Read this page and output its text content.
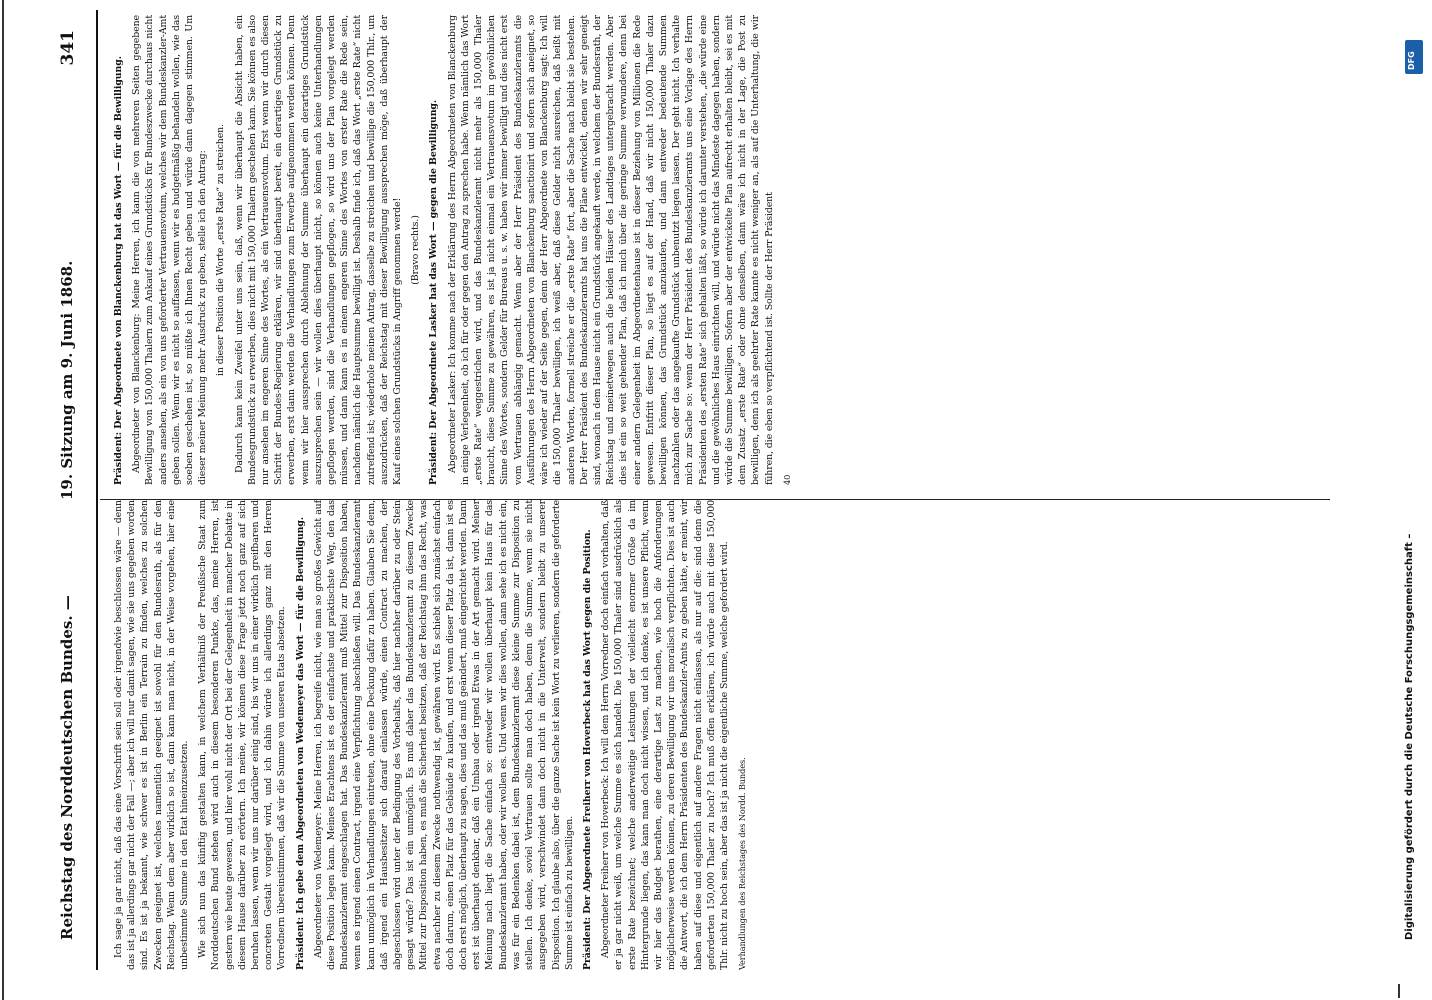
Reichstag des Norddeutschen Bundes. —
19. Sitzung am 9. Juni 1868.
341

Ich sage ja gar nicht, daß das eine Vorschrift sein soll oder irgendwie beschlossen wäre — denn das ist ja allerdings gar nicht der Fall —; aber ich will nur damit sagen, wie sie uns gegeben worden sind. Es ist ja bekannt, wie schwer es ist in Berlin ein Terrain zu finden, welches zu solchen Zwecken geeignet ist, welches namentlich geeignet ist sowohl für den Bundesrath, als für den Reichstag. Wenn dem aber wirklich so ist, dann kann man nicht, in der Weise vorgehen, hier eine unbestimmte Summe in den Etat hineinzusetzen. Wie sich nun das künftig gestalten kann, in welchem Verhältniß der Preußische Staat zum Norddeutschen Bund stehen wird auch in diesem besonderen Punkte, das, meine Herren, ist gestern wie heute gewesen, und hier wohl nicht der Ort bei der Gelegenheit in mancher Debatte in diesem Hause darüber zu erörtern. Ich meine, wir können diese Frage jetzt noch ganz auf sich beruhen lassen, wenn wir uns nur darüber einig sind, bis wir uns in einer wirklich greifbaren und concreten Gestalt vorgelegt wird, und ich dahin würde ich allerdings ganz mit den Herren Vorrednern übereinstimmen, daß wir die Summe von unseren Etats absetzen. Präsident: Ich gebe dem Abgeordneten von Wedemeyer das Wort — für die Bewilligung. Abgeordneter von Wedemeyer: Meine Herren, ich begreife nicht, wie man so großes Gewicht auf diese Position legen kann. Meines Erachtens ist es der einfachste und praktischste Weg, den das Bundeskanzleramt eingeschlagen hat. Das Bundeskanzleramt muß Mittel zur Disposition haben, wenn es irgend einen Contract, irgend eine Verpflichtung abschließen will. Das Bundeskanzleramt kann unmöglich in Verhandlungen eintreten, ohne eine Deckung dafür zu haben. Glauben Sie denn, daß irgend ein Hausbesitzer sich darauf einlassen würde, einen Contract zu machen, der abgeschlossen wird unter der Bedingung des Vorbehalts, daß hier nachher darüber zu oder Stein gesagt würde? Das ist ein unmöglich. Es muß daher das Bundeskanzleramt zu diesem Zwecke Mittel zur Disposition haben, es muß die Sicherheit besitzen, daß der Reichstag ihm das Recht, was etwa nachher zu diesem Zwecke nothwendig ist, gewähren wird. Es schiebt sich zunächst einfach doch darum, einen Platz für das Gebäude zu kaufen, und erst wenn dieser Platz da ist, dann ist es doch erst möglich, überhaupt zu sagen, dies und das muß geändert, muß eingerichtet werden. Dann erst ist überhaupt denkbar, daß ein Umbau oder irgend Etwas in der Art gemacht wird. Meiner Meinung nach liegt die Sache einfach so: entweder wir wollen überhaupt kein Haus für das Bundeskanzleramt haben, oder wir wollen es. Und wenn wir dies wollen, dann sehe ich es nicht ein, was für ein Bedenken dabei ist, dem Bundeskanzleramt diese kleine Summe zur Disposition zu stellen. Ich denke, soviel Vertrauen sollte man doch haben, denn die Summe, wenn sie nicht ausgegeben wird, verschwindet dann doch nicht in die Unterwelt, sondern bleibt zu unserer Disposition. Ich glaube also, über die ganze Sache ist kein Wort zu verlieren, sondern die geforderte Summe ist einfach zu bewilligen. Präsident: Der Abgeordnete Freiherr von Hoverbeck hat das Wort gegen die Position. Abgeordneter Freiherr von Hoverbeck: Ich will dem Herrn Vorredner doch einfach vorhalten, daß er ja gar nicht weiß, um welche Summe es sich handelt. Die 150,000 Thaler sind ausdrücklich als erste Rate bezeichnet; welche anderweitige Leistungen der vielleicht enormer Größe da im Hintergrunde liegen, das kann man doch nicht wissen, und ich denke, es ist unsere Pflicht, wenn wir hier das Budget berathen, eine derartige Last zu machen, wie hoch die Anforderungen möglicherweise werden können, zu deren Bewilligung wir uns moralisch verpflichten. Dies ist auch die Antwort, die ich dem Herrn Präsidenten des Bundeskanzler-Amts zu geben hätte, er meint, wir haben auf diese und eigentlich auf andere Fragen nicht einlassen, als nur auf die: sind denn die geforderten 150,000 Thaler zu hoch? Ich muß offen erklären, ich würde auch mit diese 150,000 Thlr. nicht zu hoch sein, aber das ist ja nicht die eigentliche Summe, welche gefordert wird. Verhandlungen des Reichstages des Nordd. Bundes.

Präsident: Der Abgeordnete von Blanckenburg hat das Wort — für die Bewilligung. Abgeordneter von Blanckenburg: Meine Herren, ich kann die von mehreren Seiten gegebene Bewilligung von 150,000 Thalern zum Ankauf eines Grundstücks für Bundeszwecke durchaus nicht anders ansehen, als ein von uns geforderter Vertrauensvotum, welches wir dem Bundeskanzler-Amt geben sollen. Wenn wir es nicht so auffassen, wenn wir es budgetmäßig behandeln wollen, wie das soeben geschehen ist, so müßte ich Ihnen Recht geben und würde dann dagegen stimmen. Um dieser meiner Meinung mehr Ausdruck zu geben, stelle ich den Antrag: in dieser Position die Worte „erste Rate“ zu streichen. Dadurch kann kein Zweifel unter uns sein, daß, wenn wir überhaupt die Absicht haben, ein Bundesgrundstück zu erwerben, dies nicht mit 150,000 Thalern geschehen kann. Sie können es also nur ansehen im engeren Sinne des Wortes, als ein Vertrauensvotum. Erst wenn wir durch diesen Schritt der Bundes-Regierung erklären, wir sind überhaupt bereit, ein derartiges Grundstück zu erwerben, erst dann werden die Verhandlungen zum Erwerbe aufgenommen werden können. Denn wenn wir hier aussprechen durch Ablehnung der Summe überhaupt ein derartiges Grundstück auszusprechen sein — wir wollen dies überhaupt nicht, so können auch keine Unterhandlungen gepflogen werden, sind die Verhandlungen gepflogen, so wird uns der Plan vorgelegt werden müssen, und dann kann es in einem engeren Sinne des Wortes von erster Rate die Rede sein, nachdem nämlich die Hauptsumme bewilligt ist. Deshalb finde ich, daß das Wort „erste Rate“ nicht zutreffend ist; wiederhole meinen Antrag, dasselbe zu streichen und bewillige die 150,000 Thlr., um auszudrücken, daß der Reichstag mit dieser Bewilligung aussprechen möge, daß überhaupt der Kauf eines solchen Grundstücks in Angriff genommen werde! (Bravo rechts.) Präsident: Der Abgeordnete Lasker hat das Wort — gegen die Bewilligung. Abgeordneter Lasker: Ich komme nach der Erklärung des Herrn Abgeordneten von Blanckenburg in einige Verlegenheit, ob ich für oder gegen den Antrag zu sprechen habe. Wenn nämlich das Wort „erste Rate“ weggestrichen wird, und das Bundeskanzleramt nicht mehr als 150,000 Thaler braucht, diese Summe zu gewähren, es ist ja nicht einmal ein Vertrauensvotum im gewöhnlichen Sinne des Wortes, sondern Gelder für Bureaus u. s. w. haben wir immer bewilligt und dies nicht erst vom Vertrauen abhängig gemacht. Wenn aber der Herr Präsident des Bundeskanzleramts die Ausführungen des Herrn Abgeordneten von Blanckenburg sanctionirt und sofern sich aneignet, so wäre ich wieder auf der Seite gegen, denn der Herr Abgeordnete von Blanckenburg sagt: Ich will die 150,000 Thaler bewilligen, ich weiß aber, daß diese Gelder nicht ausreichen, daß heißt mit anderen Worten, formell streiche er die „erste Rate“ fort, aber die Sache nach bleibt sie bestehen. Der Herr Präsident des Bundeskanzleramts hat uns die Pläne entwickelt, denen wir sehr geneigt sind, wonach in dem Hause nicht ein Grundstück angekauft werde, in welchem der Bundesrath, der Reichstag und meinetwegen auch die beiden Häuser des Landtages untergebracht werden. Aber dies ist ein so weit gehender Plan, daß ich mich über die geringe Summe verwundere, denn bei einer andern Gelegenheit im Abgeordnetenhause ist in dieser Beziehung von Millionen die Rede gewesen. Entfritt dieser Plan, so liegt es auf der Hand, daß wir nicht 150,000 Thaler dazu bewilligen können, das Grundstück anzukaufen, und dann entweder bedeutende Summen nachzahlen oder das angekaufte Grundstück unbenutzt liegen lassen. Der geht nicht. Ich verhalte mich zur Sache so: wenn der Herr Präsident des Bundeskanzleramts uns eine Vorlage des Herrn Präsidenten des „ersten Rate“ sich gehalten läßt, so würde ich darunter verstehen, „die würde eine und die gewöhnliches Haus einrichten will, und würde nicht das Mindeste dagegen haben, sondern würde die Summe bewilligen. Sofern aber der entwickelte Plan aufrecht erhalten bleibt, sei es mit dem Zusatz „erste Rate“ oder ohne denselben, dann wäre ich nicht in der Lage, die Post zu bewilligen, denn ich als geehrter Rate kannte es nicht weniger an, als auf die Unterhaltung, die wir führen, die eben so verpflichtend ist. Sollte der Herr Präsident 40

DFG
Digitalisierung gefördert durch die Deutsche Forschungsgemeinschaft –
